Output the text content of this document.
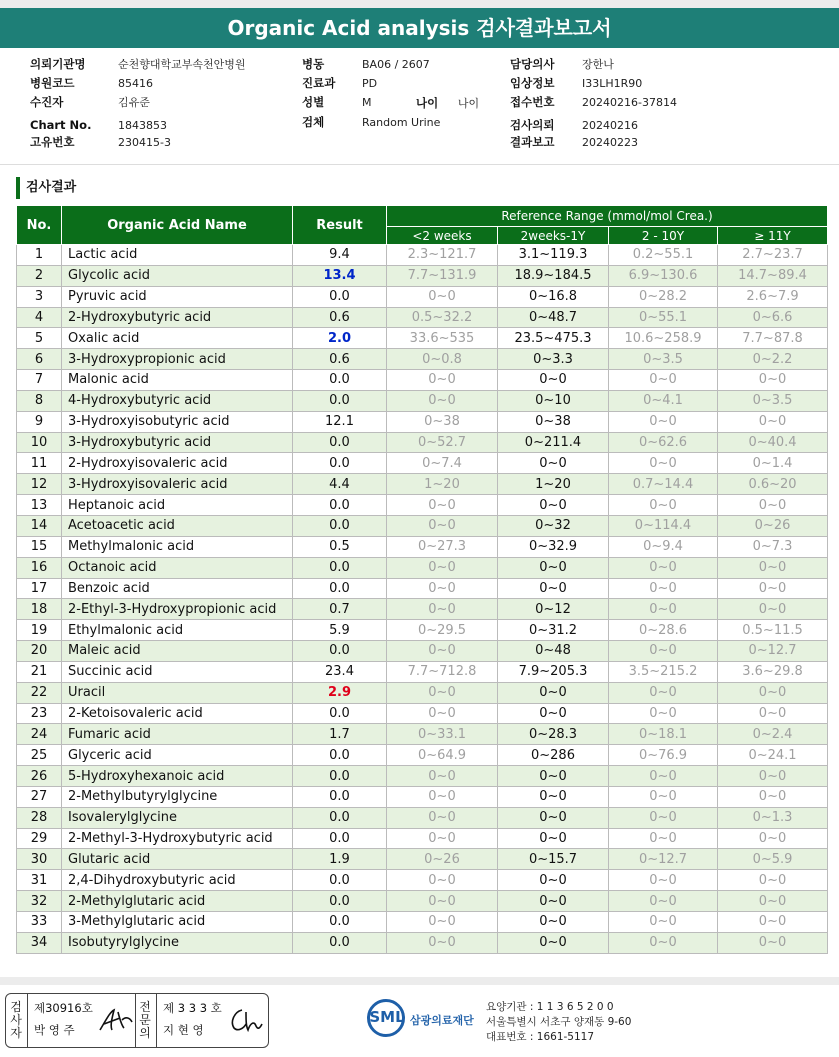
Organic Acid analysis 검사결과보고서
의뢰기관명	순천향대학교부속천안병원
병원코드	85416
수진자	김유준
Chart No.	1843853
고유번호	230415-3
병동	BA06 / 2607
진료과	PD
성별	M
검체	Random Urine
나이 나이
담당의사	장한나
임상정보	I33LH1R90
접수번호	20240216-37814
검사의뢰	20240216
결과보고	20240223
검사결과
No.	Organic Acid Name	Result	Reference Range (mmol/mol Crea.)			
			<2 weeks	2weeks-1Y	2 - 10Y	≥ 11Y
1	Lactic acid	9.4	2.3~121.7	3.1~119.3	0.2~55.1	2.7~23.7
2	Glycolic acid	13.4	7.7~131.9	18.9~184.5	6.9~130.6	14.7~89.4
3	Pyruvic acid	0.0	0~0	0~16.8	0~28.2	2.6~7.9
4	2-Hydroxybutyric acid	0.6	0.5~32.2	0~48.7	0~55.1	0~6.6
5	Oxalic acid	2.0	33.6~535	23.5~475.3	10.6~258.9	7.7~87.8
6	3-Hydroxypropionic acid	0.6	0~0.8	0~3.3	0~3.5	0~2.2
7	Malonic acid	0.0	0~0	0~0	0~0	0~0
8	4-Hydroxybutyric acid	0.0	0~0	0~10	0~4.1	0~3.5
9	3-Hydroxyisobutyric acid	12.1	0~38	0~38	0~0	0~0
10	3-Hydroxybutyric acid	0.0	0~52.7	0~211.4	0~62.6	0~40.4
11	2-Hydroxyisovaleric acid	0.0	0~7.4	0~0	0~0	0~1.4
12	3-Hydroxyisovaleric acid	4.4	1~20	1~20	0.7~14.4	0.6~20
13	Heptanoic acid	0.0	0~0	0~0	0~0	0~0
14	Acetoacetic acid	0.0	0~0	0~32	0~114.4	0~26
15	Methylmalonic acid	0.5	0~27.3	0~32.9	0~9.4	0~7.3
16	Octanoic acid	0.0	0~0	0~0	0~0	0~0
17	Benzoic acid	0.0	0~0	0~0	0~0	0~0
18	2-Ethyl-3-Hydroxypropionic acid	0.7	0~0	0~12	0~0	0~0
19	Ethylmalonic acid	5.9	0~29.5	0~31.2	0~28.6	0.5~11.5
20	Maleic acid	0.0	0~0	0~48	0~0	0~12.7
21	Succinic acid	23.4	7.7~712.8	7.9~205.3	3.5~215.2	3.6~29.8
22	Uracil	2.9	0~0	0~0	0~0	0~0
23	2-Ketoisovaleric acid	0.0	0~0	0~0	0~0	0~0
24	Fumaric acid	1.7	0~33.1	0~28.3	0~18.1	0~2.4
25	Glyceric acid	0.0	0~64.9	0~286	0~76.9	0~24.1
26	5-Hydroxyhexanoic acid	0.0	0~0	0~0	0~0	0~0
27	2-Methylbutyrylglycine	0.0	0~0	0~0	0~0	0~0
28	Isovalerylglycine	0.0	0~0	0~0	0~0	0~1.3
29	2-Methyl-3-Hydroxybutyric acid	0.0	0~0	0~0	0~0	0~0
30	Glutaric acid	1.9	0~26	0~15.7	0~12.7	0~5.9
31	2,4-Dihydroxybutyric acid	0.0	0~0	0~0	0~0	0~0
32	2-Methylglutaric acid	0.0	0~0	0~0	0~0	0~0
33	3-Methylglutaric acid	0.0	0~0	0~0	0~0	0~0
34	Isobutyrylglycine	0.0	0~0	0~0	0~0	0~0
검사자
제30916호
박 영 주
전문의
제 3 3 3 호
지 현 영
SML 삼광의료재단
요양기관 : 1 1 3 6 5 2 0 0
서울특별시 서초구 양재동 9-60
대표번호 : 1661-5117
